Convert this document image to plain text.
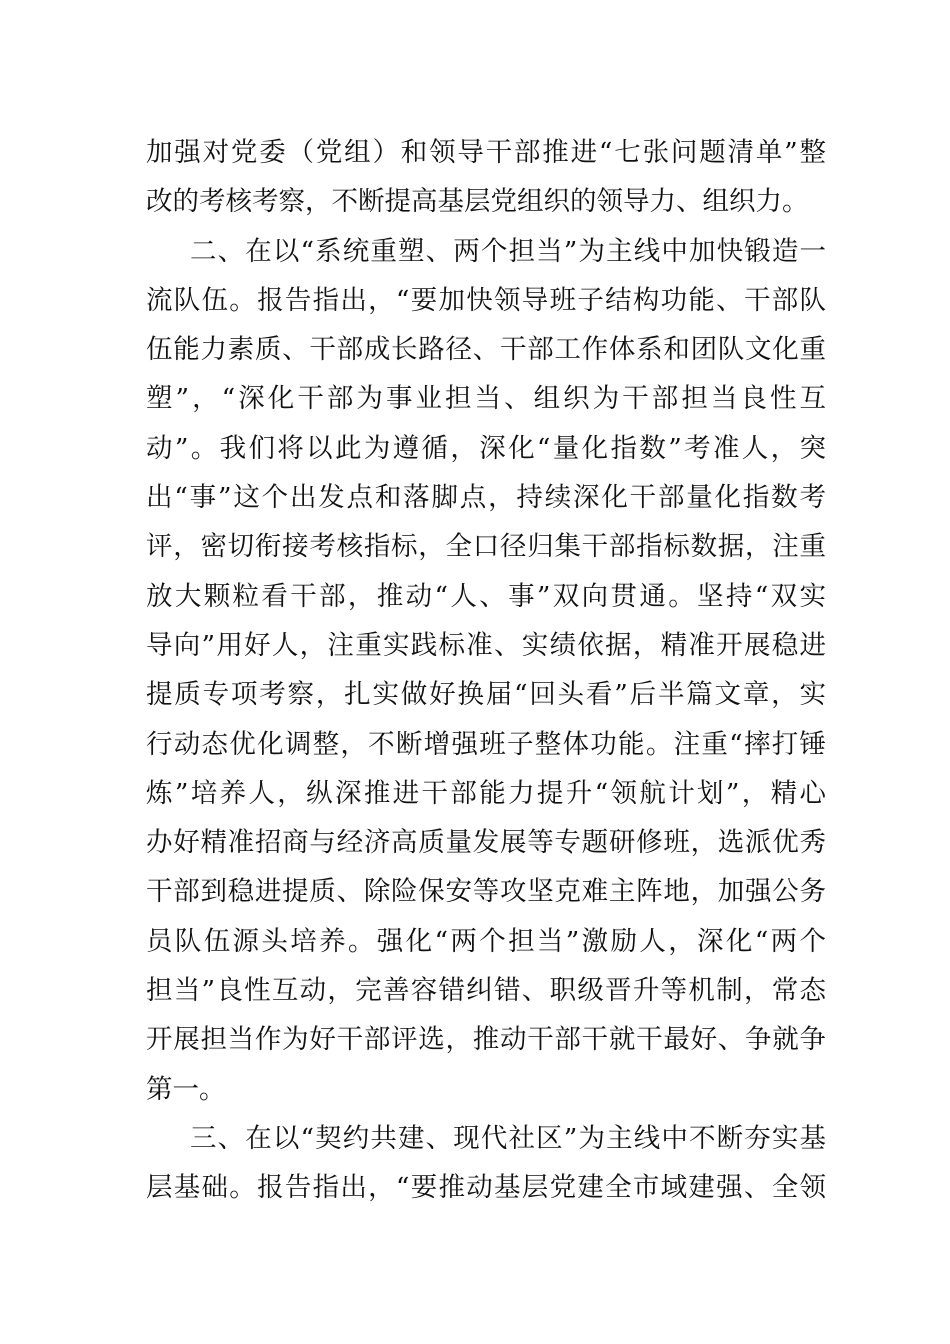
加强对党委（党组）和领导干部推进“七张问题清单”整
改的考核考察，不断提高基层党组织的领导力、组织力。
二、在以“系统重塑、两个担当”为主线中加快锻造一
流队伍。报告指出，“要加快领导班子结构功能、干部队
伍能力素质、干部成长路径、干部工作体系和团队文化重
塑”，“深化干部为事业担当、组织为干部担当良性互
动”。我们将以此为遵循，深化“量化指数”考准人，突
出“事”这个出发点和落脚点，持续深化干部量化指数考
评，密切衔接考核指标，全口径归集干部指标数据，注重
放大颗粒看干部，推动“人、事”双向贯通。坚持“双实
导向”用好人，注重实践标准、实绩依据，精准开展稳进
提质专项考察，扎实做好换届“回头看”后半篇文章，实
行动态优化调整，不断增强班子整体功能。注重“摔打锤
炼”培养人，纵深推进干部能力提升“领航计划”，精心
办好精准招商与经济高质量发展等专题研修班，选派优秀
干部到稳进提质、除险保安等攻坚克难主阵地，加强公务
员队伍源头培养。强化“两个担当”激励人，深化“两个
担当”良性互动，完善容错纠错、职级晋升等机制，常态
开展担当作为好干部评选，推动干部干就干最好、争就争
第一。
三、在以“契约共建、现代社区”为主线中不断夯实基
层基础。报告指出，“要推动基层党建全市域建强、全领
